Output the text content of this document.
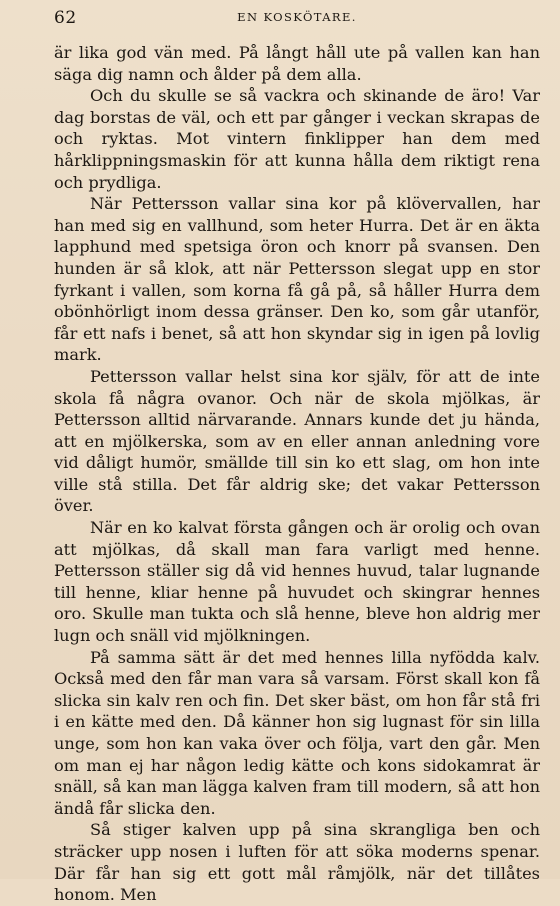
62	EN KOSKÖTARE.

är lika god vän med. På långt håll ute på vallen kan han säga dig namn och ålder på dem alla.

Och du skulle se så vackra och skinande de äro! Var dag borstas de väl, och ett par gånger i veckan skrapas de och ryktas. Mot vintern finklipper han dem med hårklippningsmaskin för att kunna hålla dem riktigt rena och prydliga.

När Pettersson vallar sina kor på klövervallen, har han med sig en vallhund, som heter Hurra. Det är en äkta lapphund med spetsiga öron och knorr på svansen. Den hunden är så klok, att när Pettersson slegat upp en stor fyrkant i vallen, som korna få gå på, så håller Hurra dem obönhörligt inom dessa gränser. Den ko, som går utanför, får ett nafs i benet, så att hon skyndar sig in igen på lovlig mark.

Pettersson vallar helst sina kor själv, för att de inte skola få några ovanor. Och när de skola mjölkas, är Pettersson alltid närvarande. Annars kunde det ju hända, att en mjölkerska, som av en eller annan anledning vore vid dåligt humör, smällde till sin ko ett slag, om hon inte ville stå stilla. Det får aldrig ske; det vakar Pettersson över.

När en ko kalvat första gången och är orolig och ovan att mjölkas, då skall man fara varligt med henne. Pettersson ställer sig då vid hennes huvud, talar lugnande till henne, kliar henne på huvudet och skingrar hennes oro. Skulle man tukta och slå henne, bleve hon aldrig mer lugn och snäll vid mjölkningen.

På samma sätt är det med hennes lilla nyfödda kalv. Också med den får man vara så varsam. Först skall kon få slicka sin kalv ren och fin. Det sker bäst, om hon får stå fri i en kätte med den. Då känner hon sig lugnast för sin lilla unge, som hon kan vaka över och följa, vart den går. Men om man ej har någon ledig kätte och kons sidokamrat är snäll, så kan man lägga kalven fram till modern, så att hon ändå får slicka den.

Så stiger kalven upp på sina skrangliga ben och sträcker upp nosen i luften för att söka moderns spenar. Där får han sig ett gott mål råmjölk, när det tillåtes honom. Men
